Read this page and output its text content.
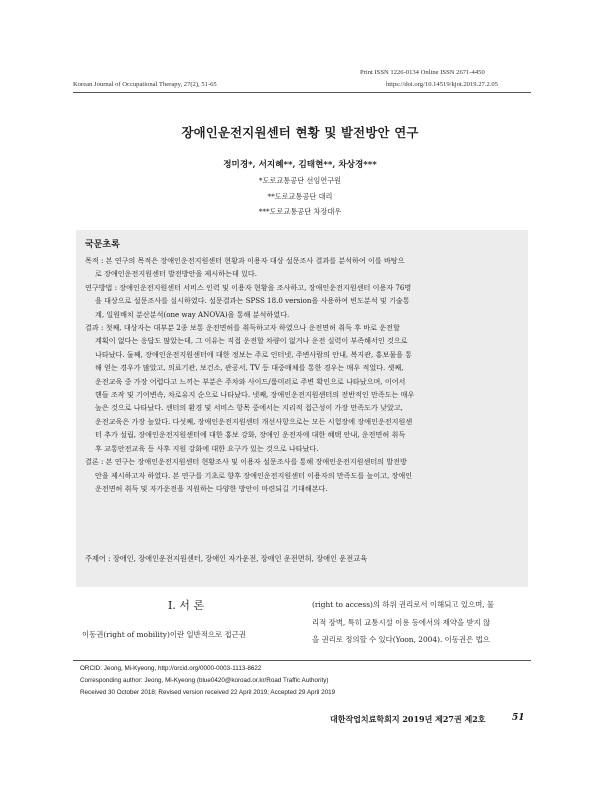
Print ISSN 1226-0134 Online ISSN 2671-4450
Korean Journal of Occupational Therapy, 27(2), 51-65	https://doi.org/10.14519/kjot.2019.27.2.05
장애인운전지원센터 현황 및 발전방안 연구
정미경*, 서지혜**, 김태현**, 차상경***
*도로교통공단 선임연구원
**도로교통공단 대리
***도로교통공단 차장대우
국문초록
목적 : 본 연구의 목적은 장애인운전지원센터 현황과 이용자 대상 설문조사 결과를 분석하여 이를 바탕으
로 장애인운전지원센터 발전방안을 제시하는데 있다.
연구방법 : 장애인운전지원센터 서비스 인력 및 이용자 현황을 조사하고, 장애인운전지원센터 이용자 76명
을 대상으로 설문조사를 실시하였다. 설문결과는 SPSS 18.0 version을 사용하여 빈도분석 및 기술통
계, 일원배치 분산분석(one way ANOVA)을 통해 분석하였다.
결과 : 첫째, 대상자는 대부분 2종 보통 운전면허를 취득하고자 하였으나 운전면허 취득 후 바로 운전할
계획이 없다는 응답도 많았는데, 그 이유는 직접 운전할 차량이 없거나 운전 실력이 부족해서인 것으로
나타났다. 둘째, 장애인운전지원센터에 대한 정보는 주로 인터넷, 주변사람의 안내, 복지관, 홍보물을 통
해 얻는 경우가 많았고, 의료기관, 보건소, 관공서, TV 등 대중매체를 통한 경우는 매우 적었다. 셋째,
운전교육 중 가장 어렵다고 느끼는 부분은 주차와 사이드/룸미러로 주변 확인으로 나타났으며, 이어서
핸들 조작 및 기어변속, 차로유지 순으로 나타났다. 넷째, 장애인운전지원센터의 전반적인 만족도는 매우
높은 것으로 나타났다. 센터의 환경 및 서비스 항목 중에서는 지리적 접근성이 가장 만족도가 낮았고,
운전교육은 가장 높았다. 다섯째, 장애인운전지원센터 개선사항으로는 모든 시험장에 장애인운전지원센
터 추가 설립, 장애인운전지원센터에 대한 홍보 강화, 장애인 운전자에 대한 혜택 안내, 운전면허 취득
후 교통안전교육 등 사후 지원 강화에 대한 요구가 있는 것으로 나타났다.
결론 : 본 연구는 장애인운전지원센터 현황조사 및 이용자 설문조사를 통해 장애인운전지원센터의 발전방
안을 제시하고자 하였다. 본 연구를 기초로 향후 장애인운전지원센터 이용자의 만족도를 높이고, 장애인
운전면허 취득 및 자가운전을 지원하는 다양한 방안이 마련되길 기대해본다.
주제어 : 장애인, 장애인운전지원센터, 장애인 자가운전, 장애인 운전면허, 장애인 운전교육
Ⅰ. 서 론
이동권(right of mobility)이란 일반적으로 접근권
(right to access)의 하위 권리로서 이해되고 있으며, 물
리적 장벽, 특히 교통시설 이용 등에서의 제약을 받지 않
을 권리로 정의할 수 있다(Yoon, 2004). 이동권은 법으
ORCID: Jeong, Mi-Kyeong, http://orcid.org/0000-0003-1113-8622
Corresponding author: Jeong, Mi-Kyeong (blue0420@koroad.or.kr/Road Traffic Authority)
Received 30 October 2018; Revised version received 22 April 2019; Accepted 29 April 2019
대한작업치료학회지 2019년 제27권 제2호	51
